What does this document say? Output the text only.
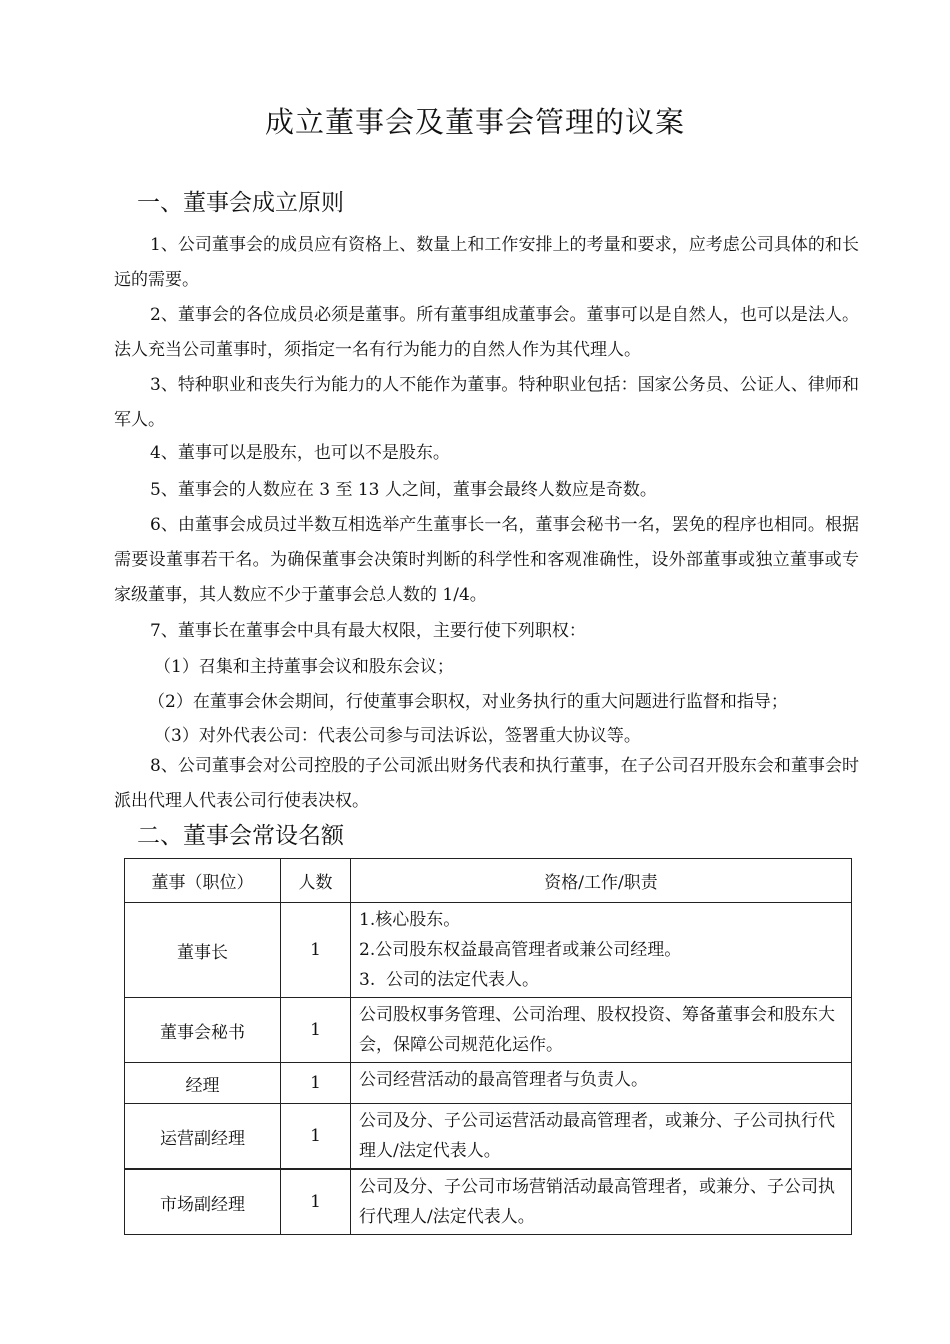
成立董事会及董事会管理的议案
一、董事会成立原则

1、公司董事会的成员应有资格上、数量上和工作安排上的考量和要求，应考虑公司具体的和长远的需要。

2、董事会的各位成员必须是董事。所有董事组成董事会。董事可以是自然人，也可以是法人。法人充当公司董事时，须指定一名有行为能力的自然人作为其代理人。

3、特种职业和丧失行为能力的人不能作为董事。特种职业包括：国家公务员、公证人、律师和军人。

4、董事可以是股东，也可以不是股东。

5、董事会的人数应在 3 至 13 人之间，董事会最终人数应是奇数。

6、由董事会成员过半数互相选举产生董事长一名，董事会秘书一名，罢免的程序也相同。根据需要设董事若干名。为确保董事会决策时判断的科学性和客观准确性，设外部董事或独立董事或专家级董事，其人数应不少于董事会总人数的 1/4。

7、董事长在董事会中具有最大权限，主要行使下列职权：

（1）召集和主持董事会议和股东会议；
（2）在董事会休会期间，行使董事会职权，对业务执行的重大问题进行监督和指导；
（3）对外代表公司：代表公司参与司法诉讼，签署重大协议等。

8、公司董事会对公司控股的子公司派出财务代表和执行董事，在子公司召开股东会和董事会时派出代理人代表公司行使表决权。

二、董事会常设名额
董事（职位）	人数	资格/工作/职责
董事长	1	1.核心股东。
2.公司股东权益最高管理者或兼公司经理。
3.  公司的法定代表人。

董事会秘书	1	公司股权事务管理、公司治理、股权投资、筹备董事会和股东大会，保障公司规范化运作。
经理	1	公司经营活动的最高管理者与负责人。
运营副经理	1	公司及分、子公司运营活动最高管理者，或兼分、子公司执行代理人/法定代表人。
市场副经理	1	公司及分、子公司市场营销活动最高管理者，或兼分、子公司执行代理人/法定代表人。
